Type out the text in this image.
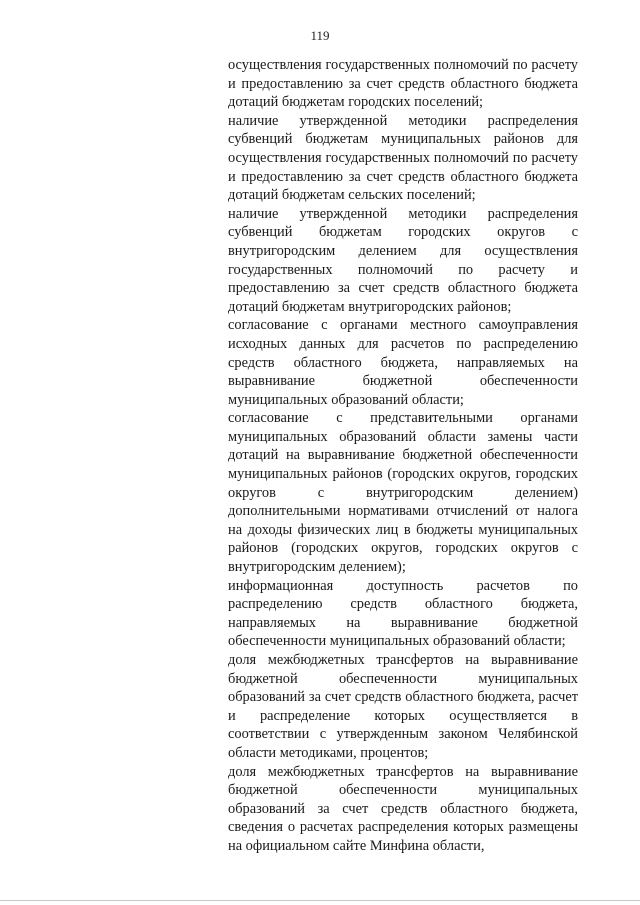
119

осуществления государственных полномочий по расчету и предоставлению за счет средств областного бюджета дотаций бюджетам городских поселений;

наличие утвержденной методики распределения субвенций бюджетам муниципальных районов для осуществления государственных полномочий по расчету и предоставлению за счет средств областного бюджета дотаций бюджетам сельских поселений;

наличие утвержденной методики распределения субвенций бюджетам городских округов с внутригородским делением для осуществления государственных полномочий по расчету и предоставлению за счет средств областного бюджета дотаций бюджетам внутригородских районов;

согласование с органами местного самоуправления исходных данных для расчетов по распределению средств областного бюджета, направляемых на выравнивание бюджетной обеспеченности муниципальных образований области;

согласование с представительными органами муниципальных образований области замены части дотаций на выравнивание бюджетной обеспеченности муниципальных районов (городских округов, городских округов с внутригородским делением) дополнительными нормативами отчислений от налога на доходы физических лиц в бюджеты муниципальных районов (городских округов, городских округов с внутригородским делением);

информационная доступность расчетов по распределению средств областного бюджета, направляемых на выравнивание бюджетной обеспеченности муниципальных образований области;

доля межбюджетных трансфертов на выравнивание бюджетной обеспеченности муниципальных образований за счет средств областного бюджета, расчет и распределение которых осуществляется в соответствии с утвержденным законом Челябинской области методиками, процентов;

доля межбюджетных трансфертов на выравнивание бюджетной обеспеченности муниципальных образований за счет средств областного бюджета, сведения о расчетах распределения которых размещены на официальном сайте Минфина области,
